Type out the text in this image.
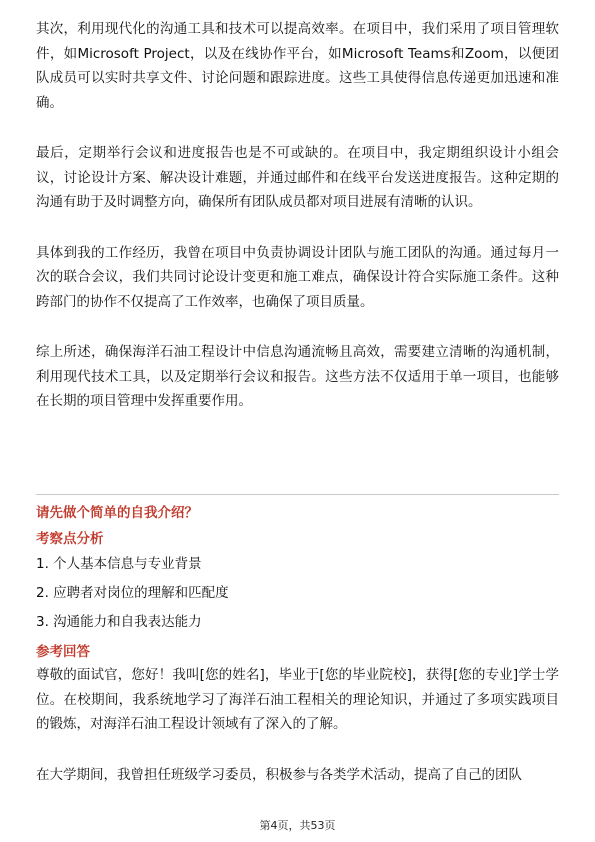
其次，利用现代化的沟通工具和技术可以提高效率。在项目中，我们采用了项目管理软件，如Microsoft Project，以及在线协作平台，如Microsoft Teams和Zoom，以便团队成员可以实时共享文件、讨论问题和跟踪进度。这些工具使得信息传递更加迅速和准确。

最后，定期举行会议和进度报告也是不可或缺的。在项目中，我定期组织设计小组会议，讨论设计方案、解决设计难题，并通过邮件和在线平台发送进度报告。这种定期的沟通有助于及时调整方向，确保所有团队成员都对项目进展有清晰的认识。

具体到我的工作经历，我曾在项目中负责协调设计团队与施工团队的沟通。通过每月一次的联合会议，我们共同讨论设计变更和施工难点，确保设计符合实际施工条件。这种跨部门的协作不仅提高了工作效率，也确保了项目质量。

综上所述，确保海洋石油工程设计中信息沟通流畅且高效，需要建立清晰的沟通机制，利用现代技术工具，以及定期举行会议和报告。这些方法不仅适用于单一项目，也能够在长期的项目管理中发挥重要作用。

请先做个简单的自我介绍？

考察点分析

1. 个人基本信息与专业背景

2. 应聘者对岗位的理解和匹配度

3. 沟通能力和自我表达能力

参考回答

尊敬的面试官，您好！我叫[您的姓名]，毕业于[您的毕业院校]，获得[您的专业]学士学位。在校期间，我系统地学习了海洋石油工程相关的理论知识，并通过了多项实践项目的锻炼，对海洋石油工程设计领域有了深入的了解。

在大学期间，我曾担任班级学习委员，积极参与各类学术活动，提高了自己的团队

第4页，共53页
